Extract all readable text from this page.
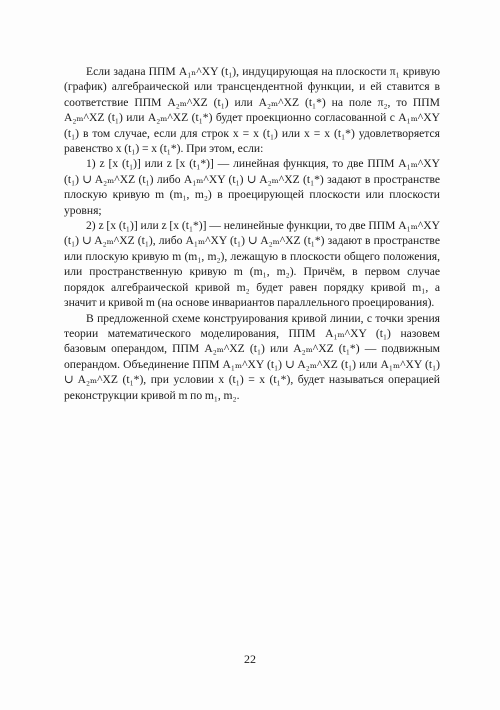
Если задана ППМ A₁ₙ^XY (t₁), индуцирующая на плоскости π₁ кривую (график) алгебраической или трансцендентной функции, и ей ставится в соответствие ППМ A₂ₘ^XZ (t₁) или A₂ₘ^XZ (t₁*) на поле π₂, то ППМ A₂ₘ^XZ (t₁) или A₂ₘ^XZ (t₁*) будет проекционно согласованной с A₁ₘ^XY (t₁) в том случае, если для строк x = x (t₁) или x = x (t₁*) удовлетворяется равенство x (t₁) = x (t₁*). При этом, если:

1) z [x (t₁)] или z [x (t₁*)] — линейная функция, то две ППМ A₁ₘ^XY (t₁) ∪ A₂ₘ^XZ (t₁) либо A₁ₘ^XY (t₁) ∪ A₂ₘ^XZ (t₁*) задают в пространстве плоскую кривую m (m₁, m₂) в проецирующей плоскости или плоскости уровня;

2) z [x (t₁)] или z [x (t₁*)] — нелинейные функции, то две ППМ A₁ₘ^XY (t₁) ∪ A₂ₘ^XZ (t₁), либо A₁ₘ^XY (t₁) ∪ A₂ₘ^XZ (t₁*) задают в пространстве или плоскую кривую m (m₁, m₂), лежащую в плоскости общего положения, или пространственную кривую m (m₁, m₂). Причём, в первом случае порядок алгебраической кривой m₂ будет равен порядку кривой m₁, а значит и кривой m (на основе инвариантов параллельного проецирования).

В предложенной схеме конструирования кривой линии, с точки зрения теории математического моделирования, ППМ A₁ₘ^XY (t₁) назовем базовым операндом, ППМ A₂ₘ^XZ (t₁) или A₂ₘ^XZ (t₁*) — подвижным операндом. Объединение ППМ A₁ₘ^XY (t₁) ∪ A₂ₘ^XZ (t₁) или A₁ₘ^XY (t₁) ∪ A₂ₘ^XZ (t₁*), при условии x (t₁) = x (t₁*), будет называться операцией реконструкции кривой m по m₁, m₂.

22
